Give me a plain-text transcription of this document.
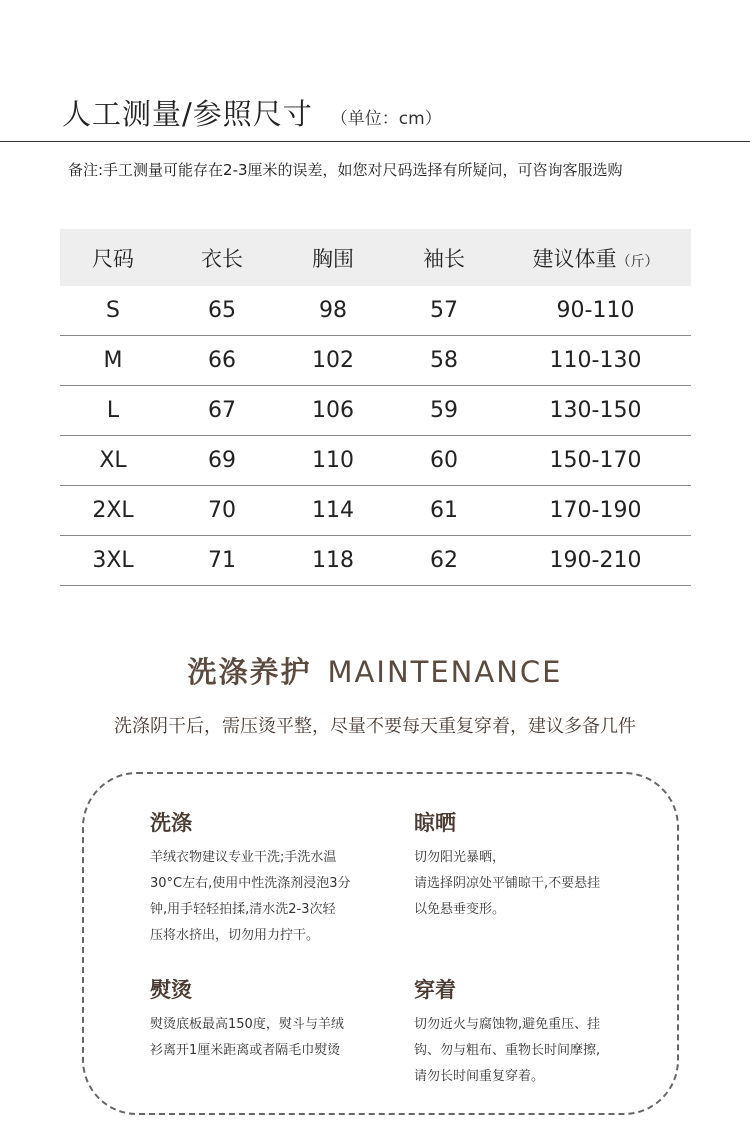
人工测量/参照尺寸 （单位：cm）
备注:手工测量可能存在2-3厘米的误差，如您对尺码选择有所疑问，可咨询客服选购
尺码	衣长	胸围	袖长	建议体重（斤）
S	65	98	57	90-110
M	66	102	58	110-130
L	67	106	59	130-150
XL	69	110	60	150-170
2XL	70	114	61	170-190
3XL	71	118	62	190-210
洗涤养护 MAINTENANCE
洗涤阴干后，需压烫平整，尽量不要每天重复穿着，建议多备几件
洗涤
羊绒衣物建议专业干洗;手洗水温
30°C左右,使用中性洗涤剂浸泡3分
钟,用手轻轻拍揉,清水洗2-3次轻
压将水挤出，切勿用力拧干。
晾晒
切勿阳光暴晒，
请选择阴凉处平铺晾干,不要悬挂
以免悬垂变形。
熨烫
熨烫底板最高150度，熨斗与羊绒
衫离开1厘米距离或者隔毛巾熨烫
穿着
切勿近火与腐蚀物,避免重压、挂
钩、勿与粗布、重物长时间摩擦,
请勿长时间重复穿着。
